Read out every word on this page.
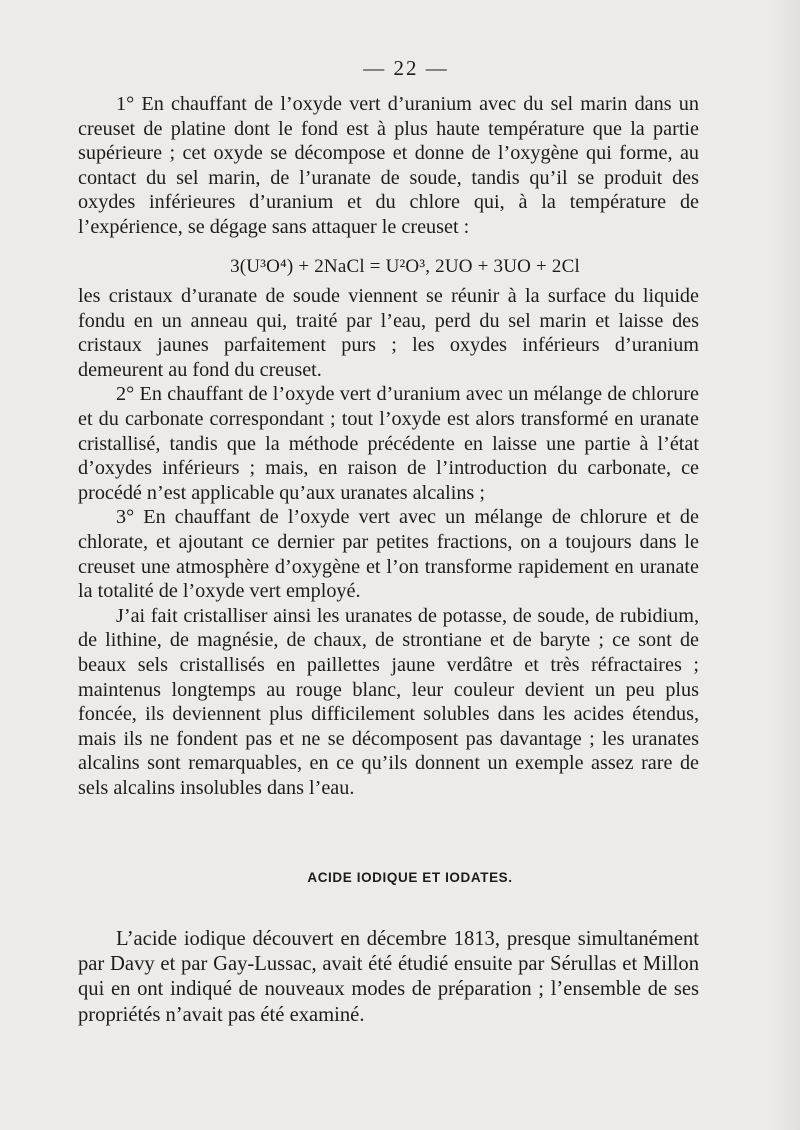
— 22 —

1° En chauffant de l’oxyde vert d’uranium avec du sel marin dans un creuset de platine dont le fond est à plus haute température que la partie supérieure ; cet oxyde se décompose et donne de l’oxygène qui forme, au contact du sel marin, de l’uranate de soude, tandis qu’il se produit des oxydes inférieures d’uranium et du chlore qui, à la température de l’expérience, se dégage sans attaquer le creuset :

3(U³O⁴) + 2NaCl = U²O³, 2UO + 3UO + 2Cl

les cristaux d’uranate de soude viennent se réunir à la surface du liquide fondu en un anneau qui, traité par l’eau, perd du sel marin et laisse des cristaux jaunes parfaitement purs ; les oxydes inférieurs d’uranium demeurent au fond du creuset.

2° En chauffant de l’oxyde vert d’uranium avec un mélange de chlorure et du carbonate correspondant ; tout l’oxyde est alors transformé en uranate cristallisé, tandis que la méthode précédente en laisse une partie à l’état d’oxydes inférieurs ; mais, en raison de l’introduction du carbonate, ce procédé n’est applicable qu’aux uranates alcalins ;

3° En chauffant de l’oxyde vert avec un mélange de chlorure et de chlorate, et ajoutant ce dernier par petites fractions, on a toujours dans le creuset une atmosphère d’oxygène et l’on transforme rapidement en uranate la totalité de l’oxyde vert employé.

J’ai fait cristalliser ainsi les uranates de potasse, de soude, de rubidium, de lithine, de magnésie, de chaux, de strontiane et de baryte ; ce sont de beaux sels cristallisés en paillettes jaune verdâtre et très réfractaires ; maintenus longtemps au rouge blanc, leur couleur devient un peu plus foncée, ils deviennent plus difficilement solubles dans les acides étendus, mais ils ne fondent pas et ne se décomposent pas davantage ; les uranates alcalins sont remarquables, en ce qu’ils donnent un exemple assez rare de sels alcalins insolubles dans l’eau.

ACIDE IODIQUE ET IODATES.

L’acide iodique découvert en décembre 1813, presque simultanément par Davy et par Gay-Lussac, avait été étudié ensuite par Sérullas et Millon qui en ont indiqué de nouveaux modes de préparation ; l’ensemble de ses propriétés n’avait pas été examiné.
